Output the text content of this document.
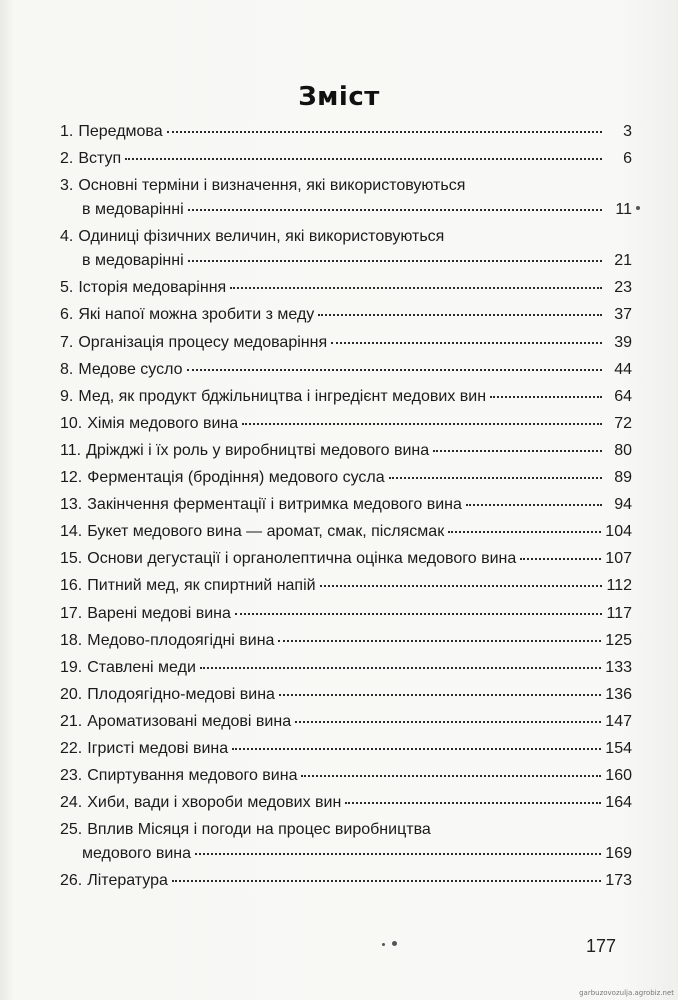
Зміст
1. Передмова	3
2. Вступ	6
3. Основні терміни і визначення, які використовуються
в медоварінні	11
4. Одиниці фізичних величин, які використовуються
в медоварінні	21
5. Історія медоваріння	23
6. Які напої можна зробити з меду	37
7. Організація процесу медоваріння	39
8. Медове сусло	44
9. Мед, як продукт бджільництва і інгредієнт медових вин	64
10. Хімія медового вина	72
11. Дріжджі і їх роль у виробництві медового вина	80
12. Ферментація (бродіння) медового сусла	89
13. Закінчення ферментації і витримка медового вина	94
14. Букет медового вина — аромат, смак, післясмак	104
15. Основи дегустації і органолептична оцінка медового вина	107
16. Питний мед, як спиртний напій	112
17. Варені медові вина	117
18. Медово-плодоягідні вина	125
19. Ставлені меди	133
20. Плодоягідно-медові вина	136
21. Ароматизовані медові вина	147
22. Ігристі медові вина	154
23. Спиртування медового вина	160
24. Хиби, вади і хвороби медових вин	164
25. Вплив Місяця і погоди на процес виробництва
медового вина	169
26. Література	173
177
garbuzovozulja.agrobiz.net
